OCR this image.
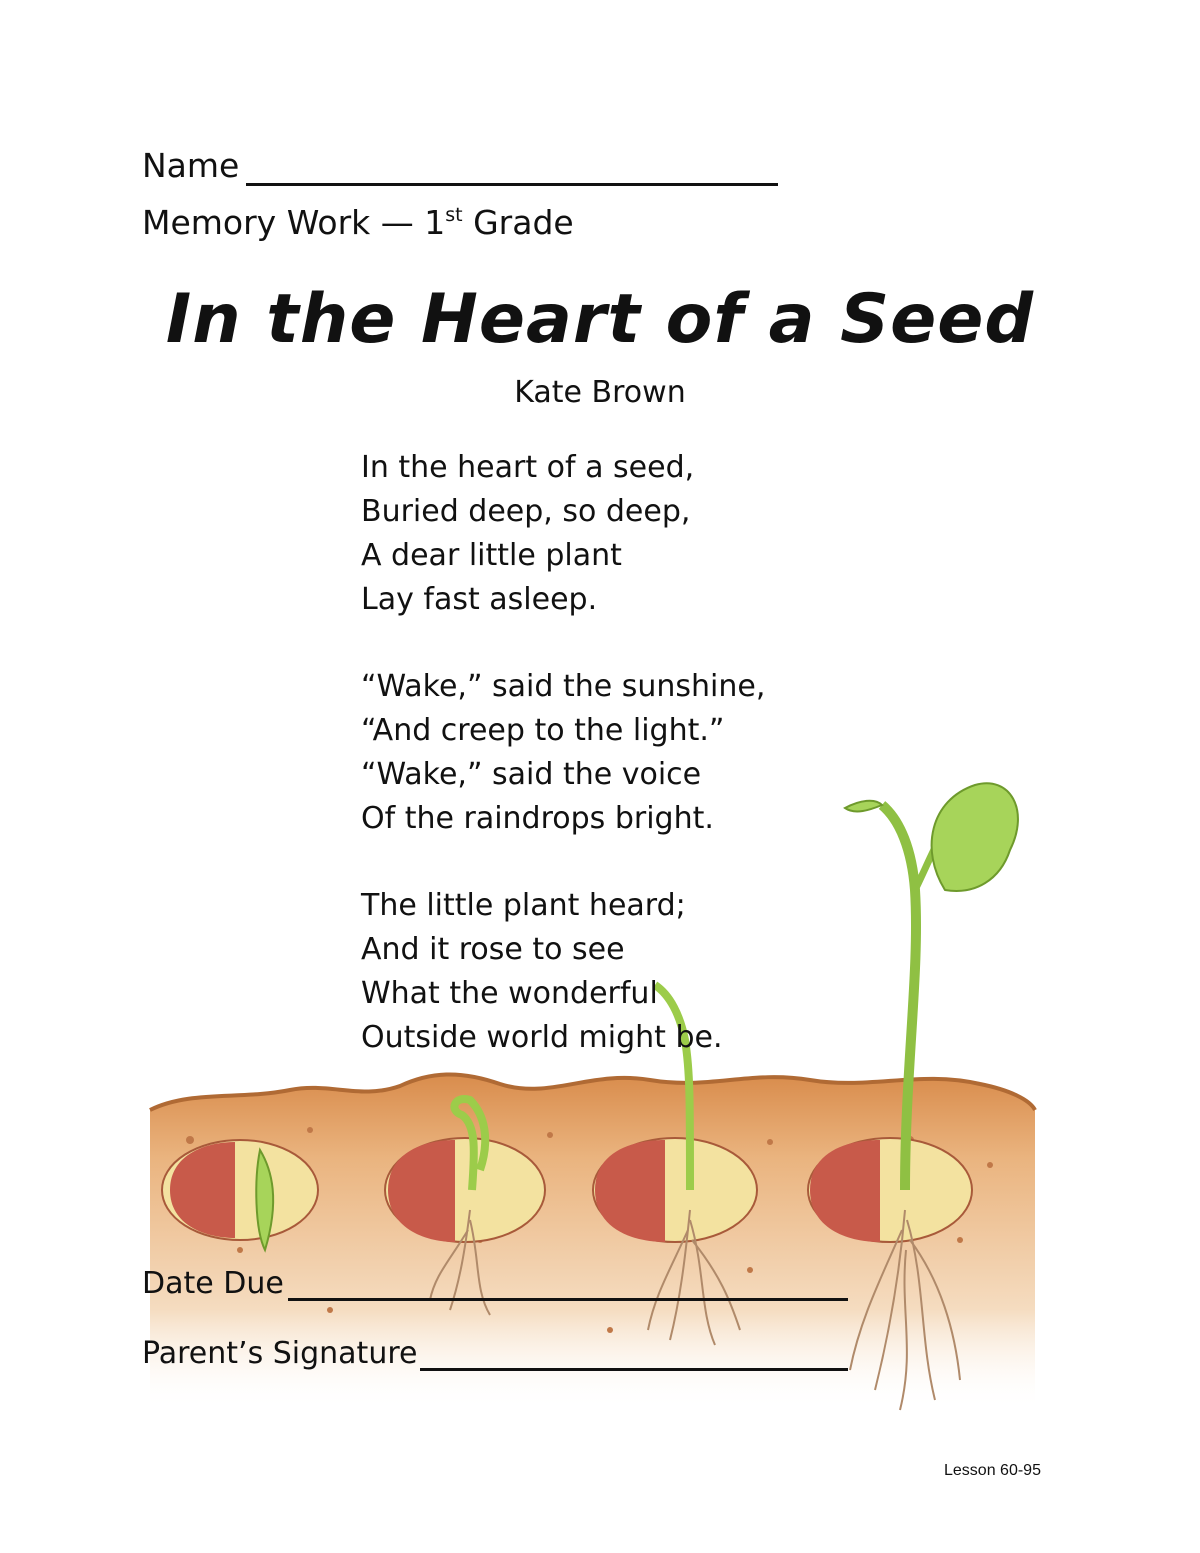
Name
Memory Work — 1st Grade
In the Heart of a Seed
Kate Brown
In the heart of a seed,
Buried deep, so deep,
A dear little plant
Lay fast asleep.
“Wake,” said the sunshine,
“And creep to the light.”
“Wake,” said the voice
Of the raindrops bright.
The little plant heard;
And it rose to see
What the wonderful
Outside world might be.
Date Due
Parent’s Signature
Lesson 60-95
